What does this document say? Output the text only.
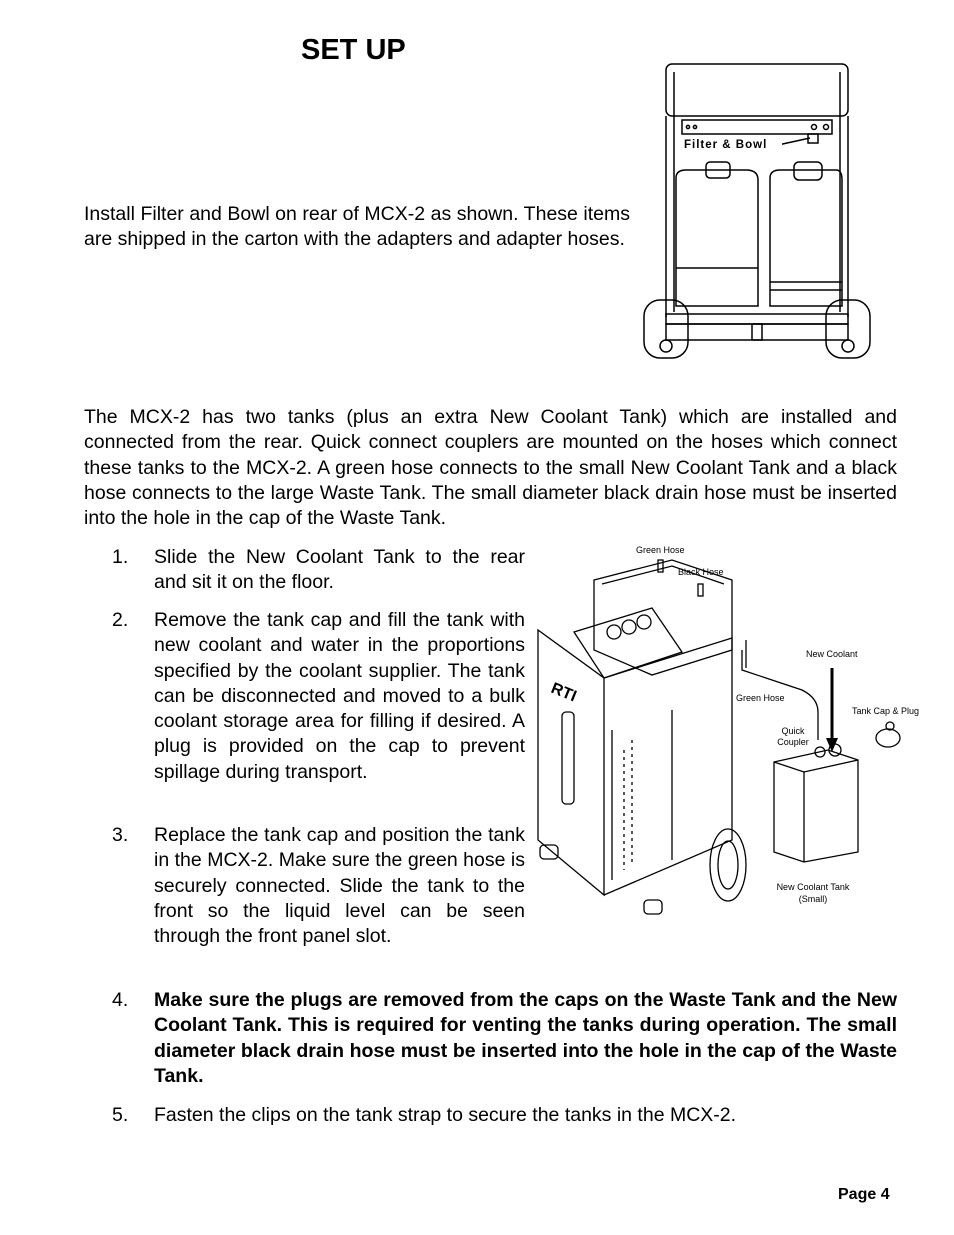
SET UP
Filter & Bowl
Install Filter and Bowl on rear of MCX-2 as shown. These items are shipped in the carton with the adapters and adapter hoses.
The MCX-2 has two tanks (plus an extra New Coolant Tank) which are installed and connected from the rear. Quick connect couplers are mounted on the hoses which connect these tanks to the MCX-2. A green hose connects to the small New Coolant Tank and a black hose connects to the large Waste Tank. The small diameter black drain hose must be inserted into the hole in the cap of the Waste Tank.
1. Slide the New Coolant Tank to the rear and sit it on the floor.
2. Remove the tank cap and fill the tank with new coolant and water in the proportions specified by the coolant supplier. The tank can be disconnected and moved to a bulk coolant storage area for filling if desired. A plug is provided on the cap to prevent spillage during transport.
3. Replace the tank cap and position the tank in the MCX-2. Make sure the green hose is securely connected. Slide the tank to the front so the liquid level can be seen through the front panel slot.
RTI
Green Hose
Black Hose
New Coolant
Green Hose
Tank Cap & Plug
Quick
Coupler
New Coolant Tank
(Small)
4. Make sure the plugs are removed from the caps on the Waste Tank and the New Coolant Tank. This is required for venting the tanks during operation. The small diameter black drain hose must be inserted into the hole in the cap of the Waste Tank.
5. Fasten the clips on the tank strap to secure the tanks in the MCX-2.
Page 4
